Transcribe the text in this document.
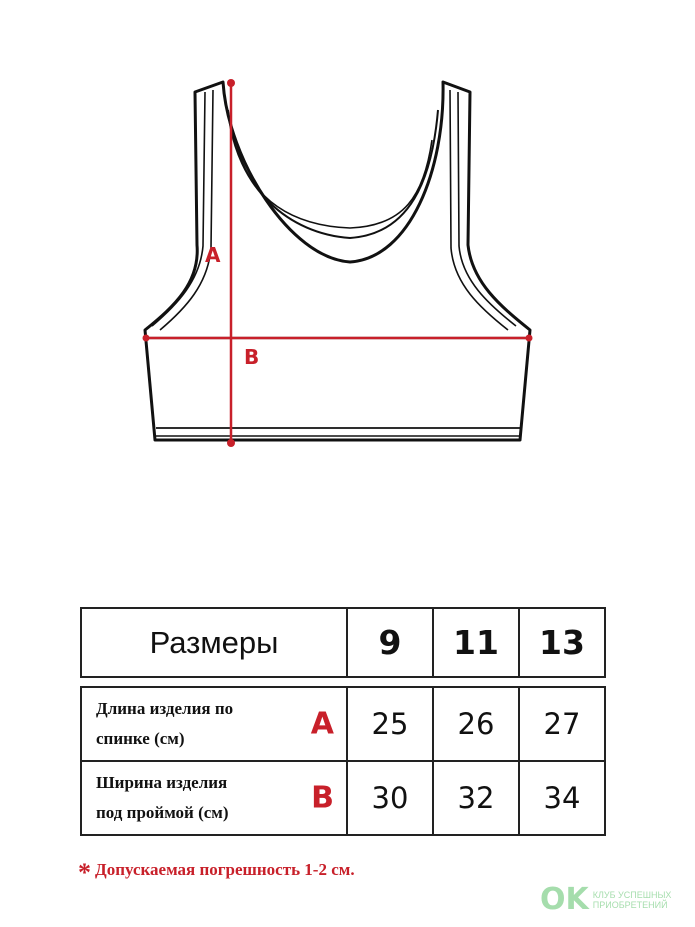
A
B
Размеры	9	11	13
Длина изделия по
спинке (см) A	25	26	27

Ширина изделия
под проймой (см) B	30	32	34
* Допускаемая погрешность 1-2 см.
OK КЛУБ УСПЕШНЫХ
ПРИОБРЕТЕНИЙ
